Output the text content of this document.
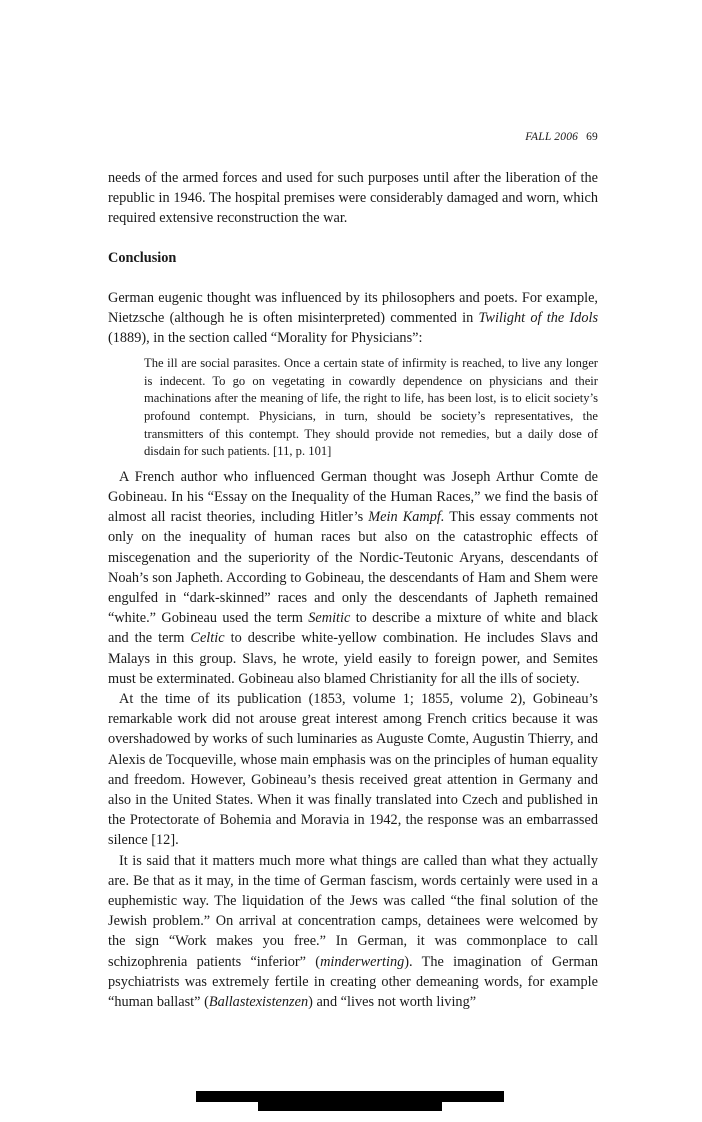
FALL 2006 69

needs of the armed forces and used for such purposes until after the liberation of the republic in 1946. The hospital premises were considerably damaged and worn, which required extensive reconstruction the war.

Conclusion

German eugenic thought was influenced by its philosophers and poets. For example, Nietzsche (although he is often misinterpreted) commented in Twilight of the Idols (1889), in the section called “Morality for Physicians”:

The ill are social parasites. Once a certain state of infirmity is reached, to live any longer is indecent. To go on vegetating in cowardly dependence on physicians and their machinations after the meaning of life, the right to life, has been lost, is to elicit society’s profound contempt. Physicians, in turn, should be society’s representatives, the transmitters of this contempt. They should provide not remedies, but a daily dose of disdain for such patients. [11, p. 101]

A French author who influenced German thought was Joseph Arthur Comte de Gobineau. In his “Essay on the Inequality of the Human Races,” we find the basis of almost all racist theories, including Hitler’s Mein Kampf. This essay comments not only on the inequality of human races but also on the catastrophic effects of miscegenation and the superiority of the Nordic-Teutonic Aryans, descendants of Noah’s son Japheth. According to Gobineau, the descendants of Ham and Shem were engulfed in “dark-skinned” races and only the descendants of Japheth remained “white.” Gobineau used the term Semitic to describe a mixture of white and black and the term Celtic to describe white-yellow combination. He includes Slavs and Malays in this group. Slavs, he wrote, yield easily to foreign power, and Semites must be exterminated. Gobineau also blamed Christianity for all the ills of society.

At the time of its publication (1853, volume 1; 1855, volume 2), Gobineau’s remarkable work did not arouse great interest among French critics because it was overshadowed by works of such luminaries as Auguste Comte, Augustin Thierry, and Alexis de Tocqueville, whose main emphasis was on the principles of human equality and freedom. However, Gobineau’s thesis received great attention in Germany and also in the United States. When it was finally translated into Czech and published in the Protectorate of Bohemia and Moravia in 1942, the response was an embarrassed silence [12].

It is said that it matters much more what things are called than what they actually are. Be that as it may, in the time of German fascism, words certainly were used in a euphemistic way. The liquidation of the Jews was called “the final solution of the Jewish problem.” On arrival at concentration camps, detainees were welcomed by the sign “Work makes you free.” In German, it was commonplace to call schizophrenia patients “inferior” (minderwerting). The imagination of German psychiatrists was extremely fertile in creating other demeaning words, for example “human ballast” (Ballastexistenzen) and “lives not worth living”
